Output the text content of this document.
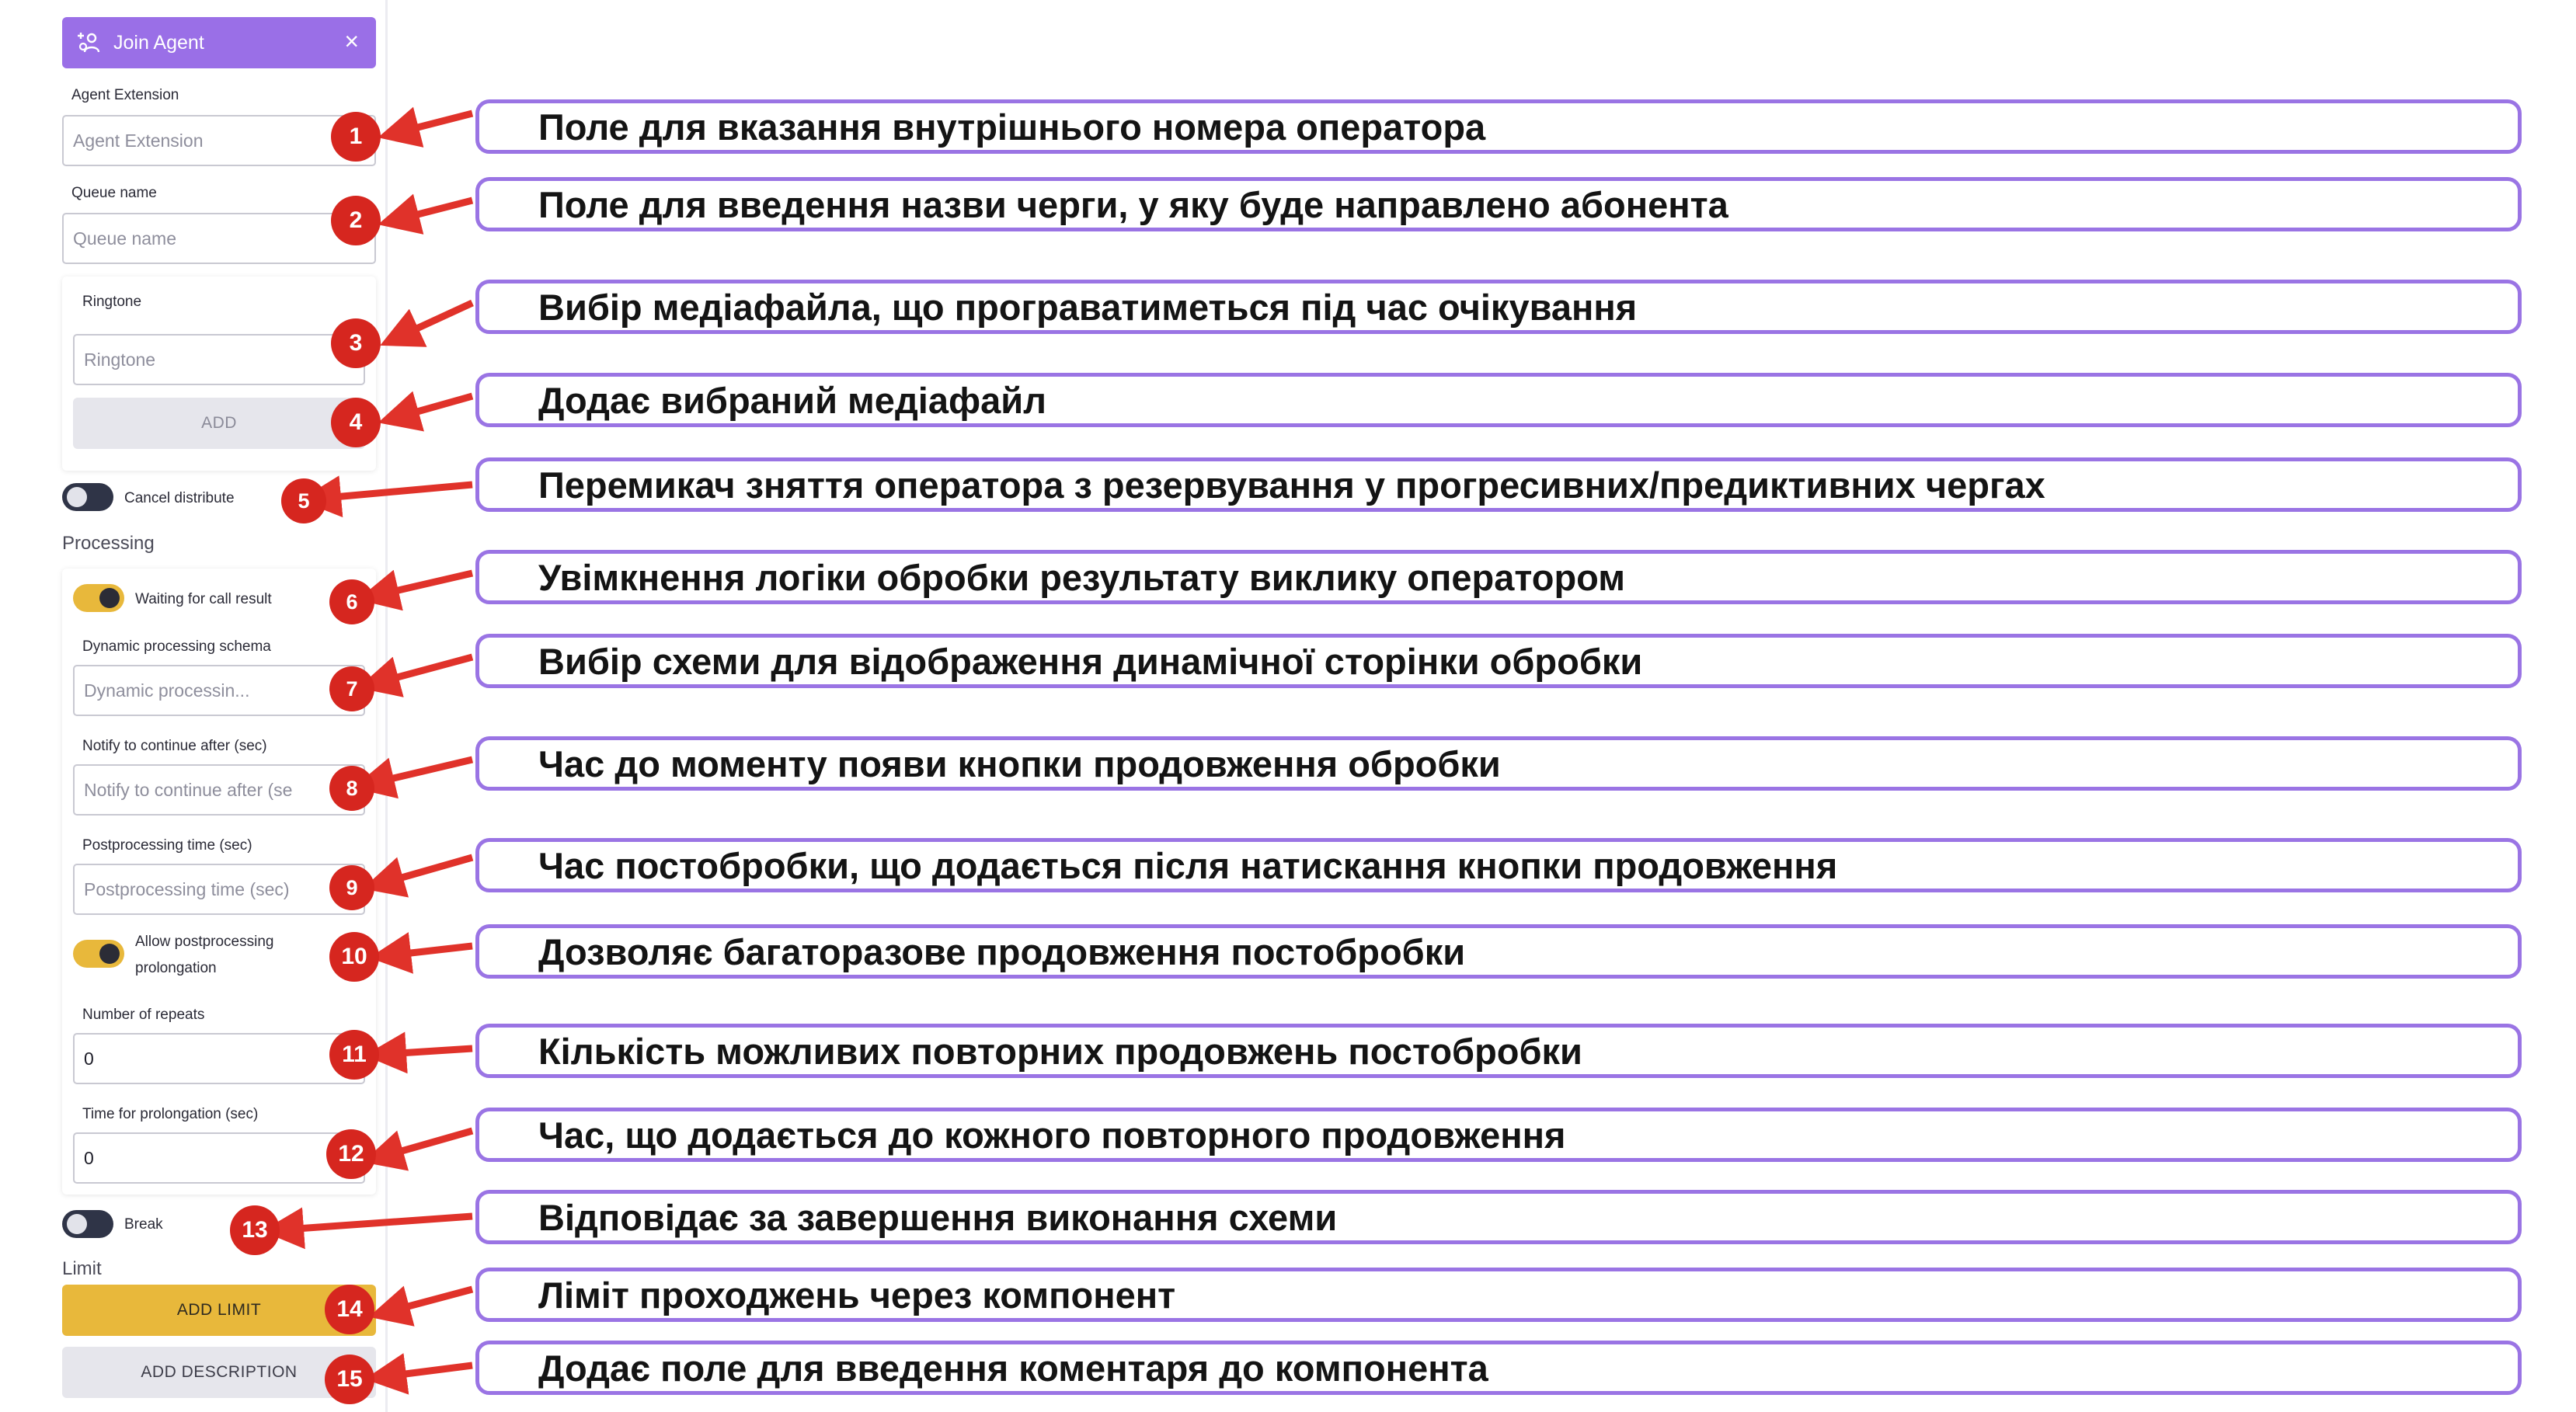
Join Agent	×
Agent Extension
Agent Extension
Queue name
Queue name
Ringtone
Ringtone
ADD
Cancel distribute
Processing
Waiting for call result
Dynamic processing schema
Dynamic processin...
Notify to continue after (sec)
Notify to continue after (se
Postprocessing time (sec)
Postprocessing time (sec)
Allow postprocessing
prolongation
Number of repeats
0
Time for prolongation (sec)
0
Break
Limit
ADD LIMIT
ADD DESCRIPTION
1
2
3
4
5
6
7
8
9
10
11
12
13
14
15
Поле для вказання внутрішнього номера оператора
Поле для введення назви черги, у яку буде направлено абонента
Вибір медіафайла, що програватиметься під час очікування
Додає вибраний медіафайл
Перемикач зняття оператора з резервування у прогресивних/предиктивних чергах
Увімкнення логіки обробки результату виклику оператором
Вибір схеми для відображення динамічної сторінки обробки
Час до моменту появи кнопки продовження обробки
Час постобробки, що додається після натискання кнопки продовження
Дозволяє багаторазове продовження постобробки
Кількість можливих повторних продовжень постобробки
Час, що додається до кожного повторного продовження
Відповідає за завершення виконання схеми
Ліміт проходжень через компонент
Додає поле для введення коментаря до компонента
